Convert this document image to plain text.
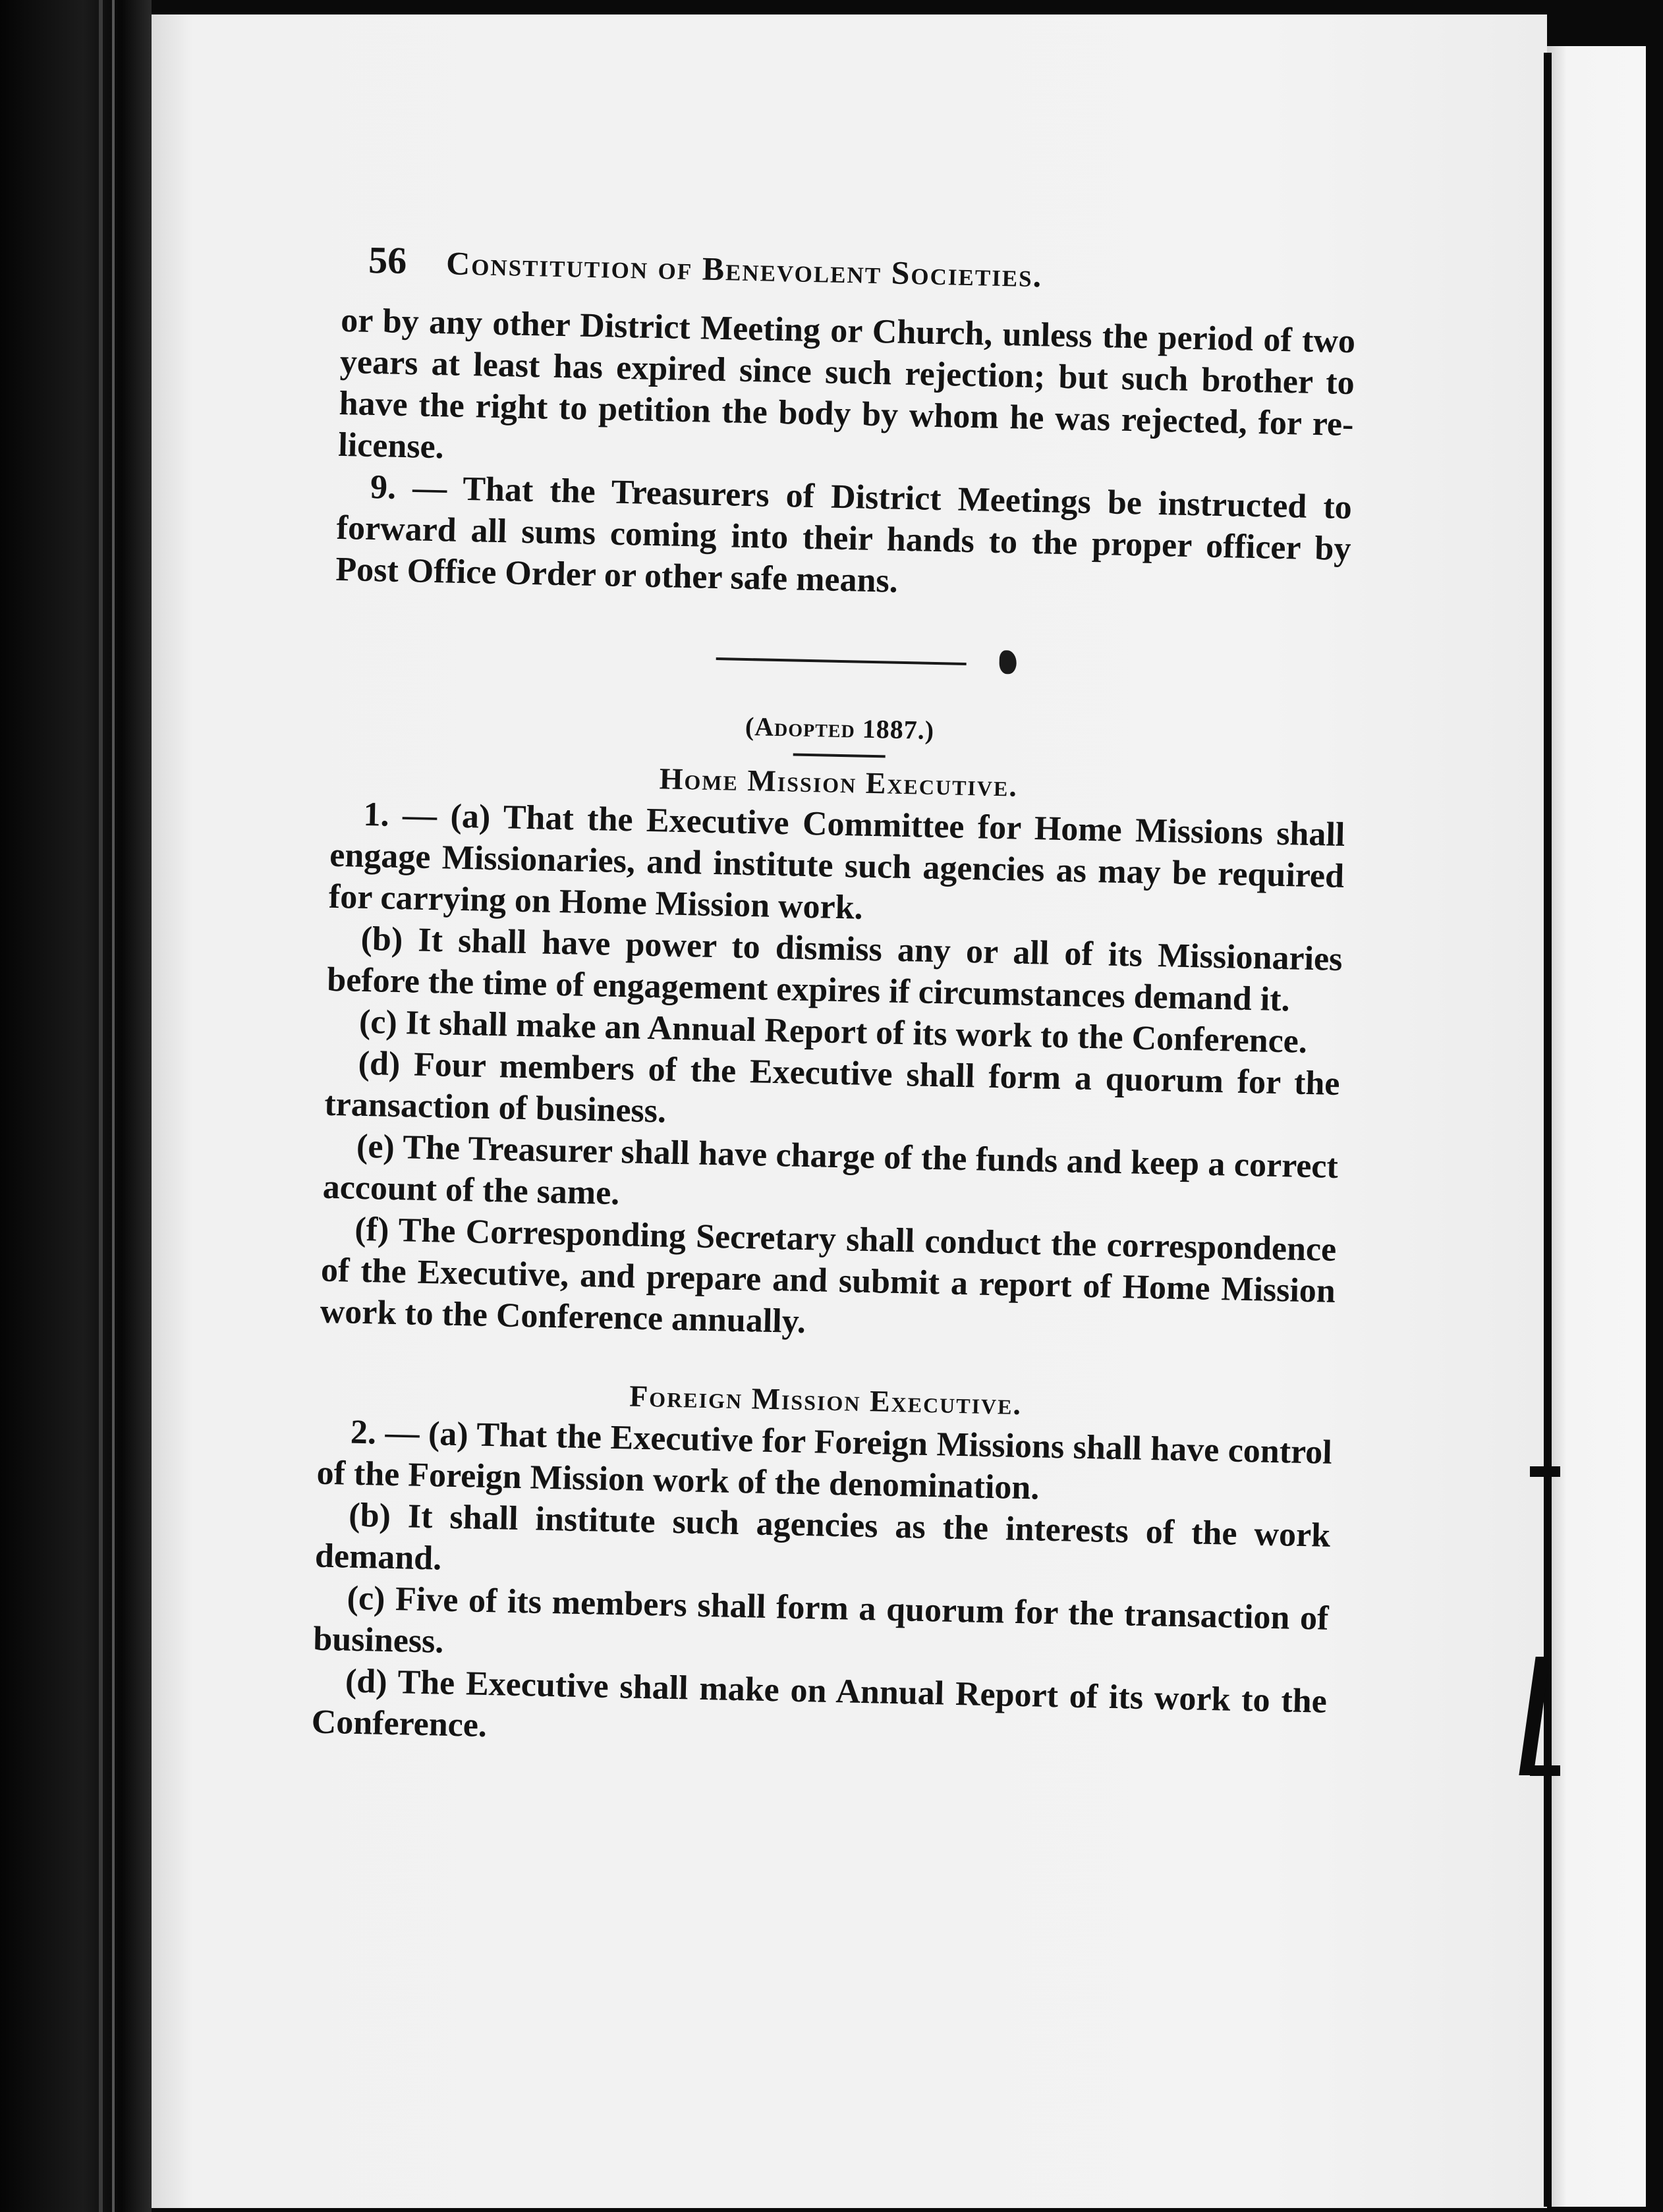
56 Constitution of Benevolent Societies.

or by any other District Meeting or Church, unless the period of two years at least has expired since such rejection; but such brother to have the right to petition the body by whom he was rejected, for re-license.

9. — That the Treasurers of District Meetings be instructed to forward all sums coming into their hands to the proper officer by Post Office Order or other safe means.

(Adopted 1887.)
Home Mission Executive.

1. — (a) That the Executive Committee for Home Missions shall engage Missionaries, and institute such agencies as may be required for carrying on Home Mission work.

(b) It shall have power to dismiss any or all of its Missionaries before the time of engagement expires if circumstances demand it.

(c) It shall make an Annual Report of its work to the Conference.

(d) Four members of the Executive shall form a quorum for the transaction of business.

(e) The Treasurer shall have charge of the funds and keep a correct account of the same.

(f) The Corresponding Secretary shall conduct the correspondence of the Executive, and prepare and submit a report of Home Mission work to the Conference annually.

Foreign Mission Executive.

2. — (a) That the Executive for Foreign Missions shall have control of the Foreign Mission work of the denomination.

(b) It shall institute such agencies as the interests of the work demand.

(c) Five of its members shall form a quorum for the transaction of business.

(d) The Executive shall make on Annual Report of its work to the Conference.
